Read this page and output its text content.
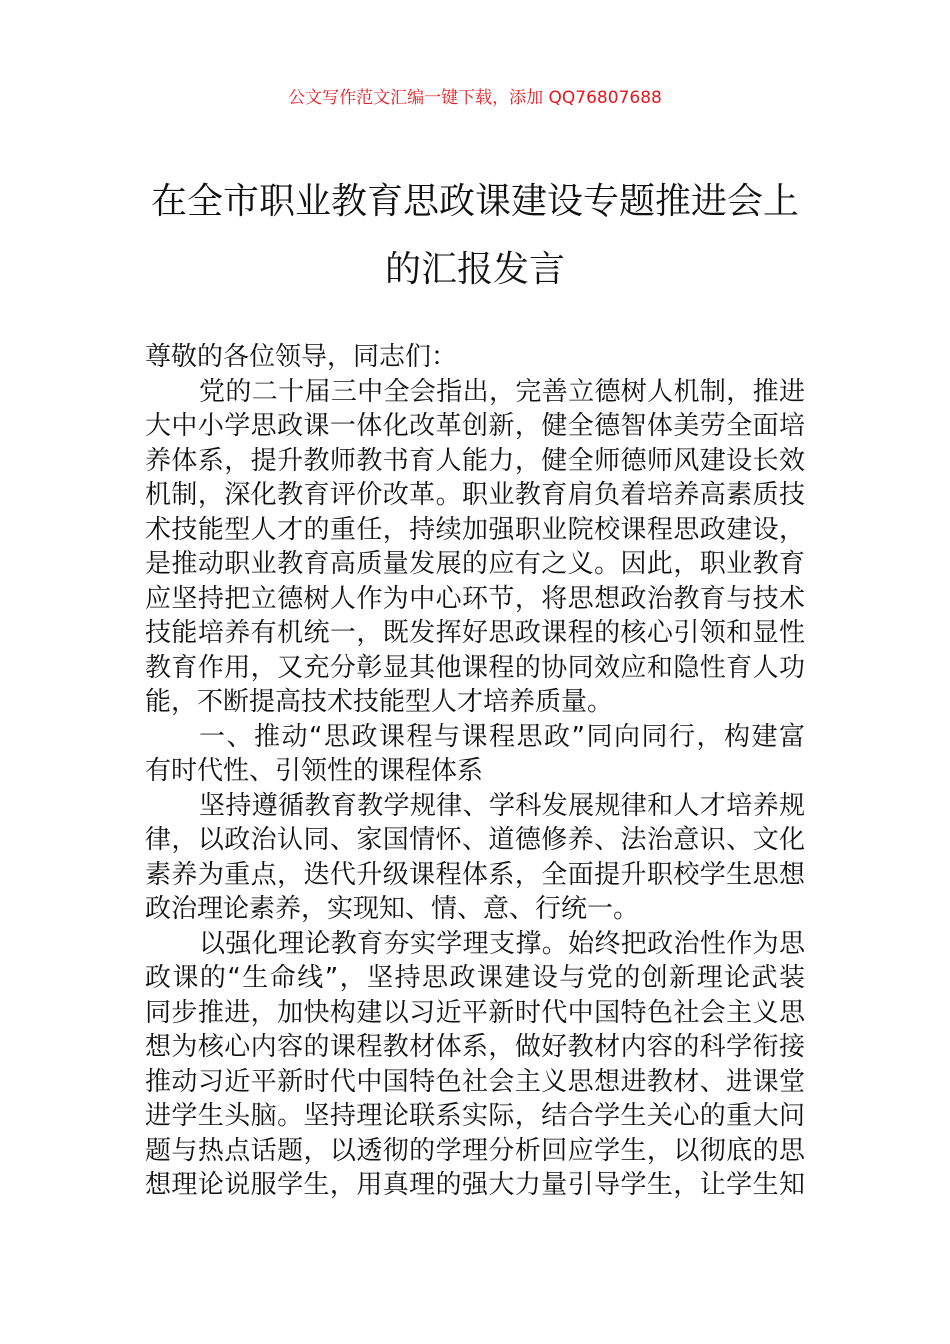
公文写作范文汇编一键下载，添加 QQ76807688
在全市职业教育思政课建设专题推进会上
的汇报发言
尊敬的各位领导，同志们：
党的二十届三中全会指出，完善立德树人机制，推进
大中小学思政课一体化改革创新，健全德智体美劳全面培
养体系，提升教师教书育人能力，健全师德师风建设长效
机制，深化教育评价改革。职业教育肩负着培养高素质技
术技能型人才的重任，持续加强职业院校课程思政建设，
是推动职业教育高质量发展的应有之义。因此，职业教育
应坚持把立德树人作为中心环节，将思想政治教育与技术
技能培养有机统一，既发挥好思政课程的核心引领和显性
教育作用，又充分彰显其他课程的协同效应和隐性育人功
能，不断提高技术技能型人才培养质量。
一、推动“思政课程与课程思政”同向同行，构建富
有时代性、引领性的课程体系
坚持遵循教育教学规律、学科发展规律和人才培养规
律，以政治认同、家国情怀、道德修养、法治意识、文化
素养为重点，迭代升级课程体系，全面提升职校学生思想
政治理论素养，实现知、情、意、行统一。
以强化理论教育夯实学理支撑。始终把政治性作为思
政课的“生命线”，坚持思政课建设与党的创新理论武装
同步推进，加快构建以习近平新时代中国特色社会主义思
想为核心内容的课程教材体系，做好教材内容的科学衔接
推动习近平新时代中国特色社会主义思想进教材、进课堂
进学生头脑。坚持理论联系实际，结合学生关心的重大问
题与热点话题，以透彻的学理分析回应学生，以彻底的思
想理论说服学生，用真理的强大力量引导学生，让学生知
